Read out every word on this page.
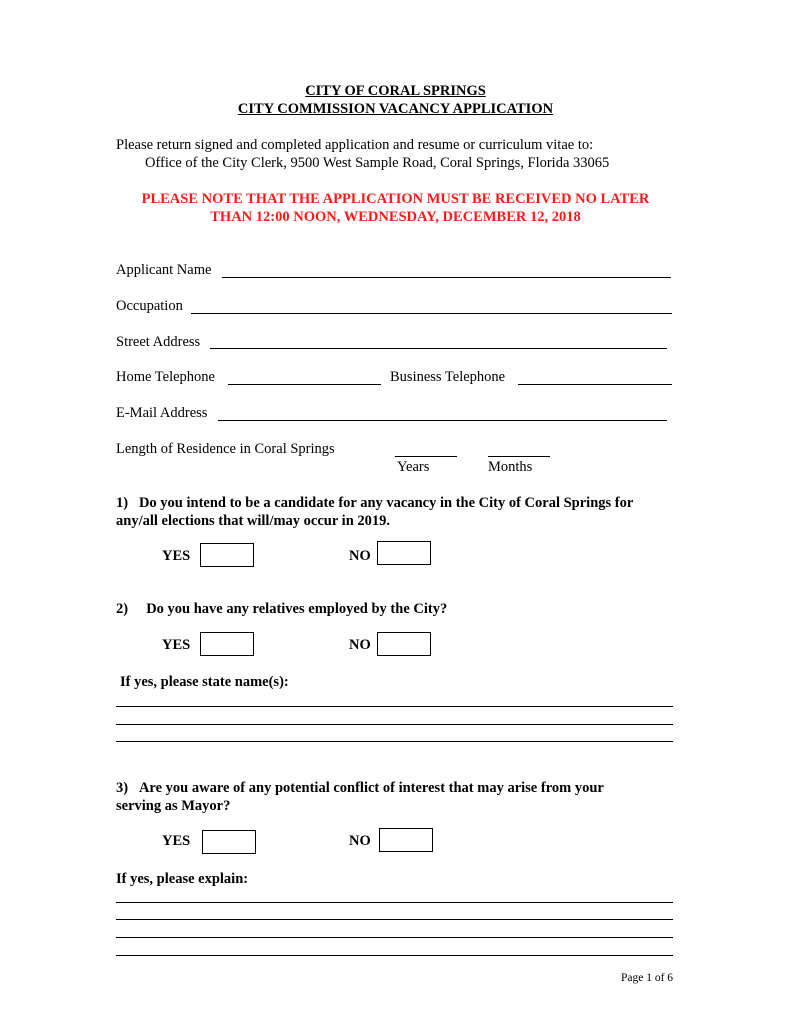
CITY OF CORAL SPRINGS
CITY COMMISSION VACANCY APPLICATION
Please return signed and completed application and resume or curriculum vitae to:
Office of the City Clerk, 9500 West Sample Road, Coral Springs, Florida 33065
PLEASE NOTE THAT THE APPLICATION MUST BE RECEIVED NO LATER
THAN 12:00 NOON, WEDNESDAY, DECEMBER 12, 2018
Applicant Name
Occupation
Street Address
Home Telephone	Business Telephone
E-Mail Address
Length of Residence in Coral Springs
Years	Months
1)   Do you intend to be a candidate for any vacancy in the City of Coral Springs for
any/all elections that will/may occur in 2019.
YES	NO
2)     Do you have any relatives employed by the City?
YES	NO
If yes, please state name(s):
3)   Are you aware of any potential conflict of interest that may arise from your
serving as Mayor?
YES	NO
If yes, please explain:
Page 1 of 6
